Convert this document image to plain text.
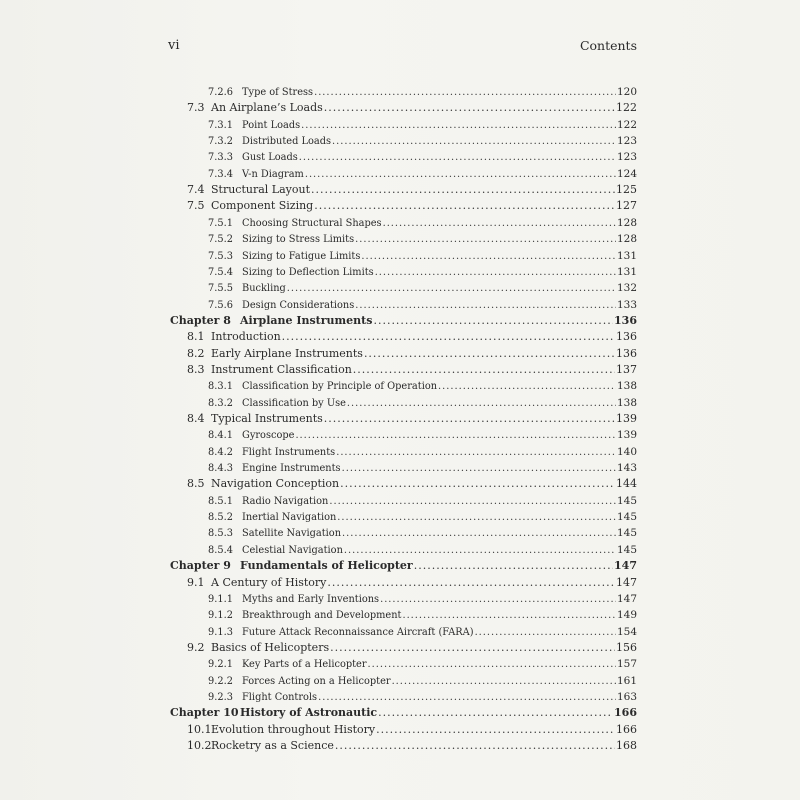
vi	Contents
7.2.6 Type of Stress .....	120
7.3 An Airplane’s Loads .....	122
7.3.1 Point Loads .....	122
7.3.2 Distributed Loads .....	123
7.3.3 Gust Loads .....	123
7.3.4 V-n Diagram .....	124
7.4 Structural Layout .....	125
7.5 Component Sizing .....	127
7.5.1 Choosing Structural Shapes .....	128
7.5.2 Sizing to Stress Limits .....	128
7.5.3 Sizing to Fatigue Limits .....	131
7.5.4 Sizing to Deflection Limits .....	131
7.5.5 Buckling .....	132
7.5.6 Design Considerations .....	133
Chapter 8 Airplane Instruments .....	136
8.1 Introduction .....	136
8.2 Early Airplane Instruments .....	136
8.3 Instrument Classification .....	137
8.3.1 Classification by Principle of Operation .....	138
8.3.2 Classification by Use .....	138
8.4 Typical Instruments .....	139
8.4.1 Gyroscope .....	139
8.4.2 Flight Instruments .....	140
8.4.3 Engine Instruments .....	143
8.5 Navigation Conception .....	144
8.5.1 Radio Navigation .....	145
8.5.2 Inertial Navigation .....	145
8.5.3 Satellite Navigation .....	145
8.5.4 Celestial Navigation .....	145
Chapter 9 Fundamentals of Helicopter .....	147
9.1 A Century of History .....	147
9.1.1 Myths and Early Inventions .....	147
9.1.2 Breakthrough and Development .....	149
9.1.3 Future Attack Reconnaissance Aircraft (FARA) .....	154
9.2 Basics of Helicopters .....	156
9.2.1 Key Parts of a Helicopter .....	157
9.2.2 Forces Acting on a Helicopter .....	161
9.2.3 Flight Controls .....	163
Chapter 10 History of Astronautic .....	166
10.1 Evolution throughout History .....	166
10.2 Rocketry as a Science .....	168
